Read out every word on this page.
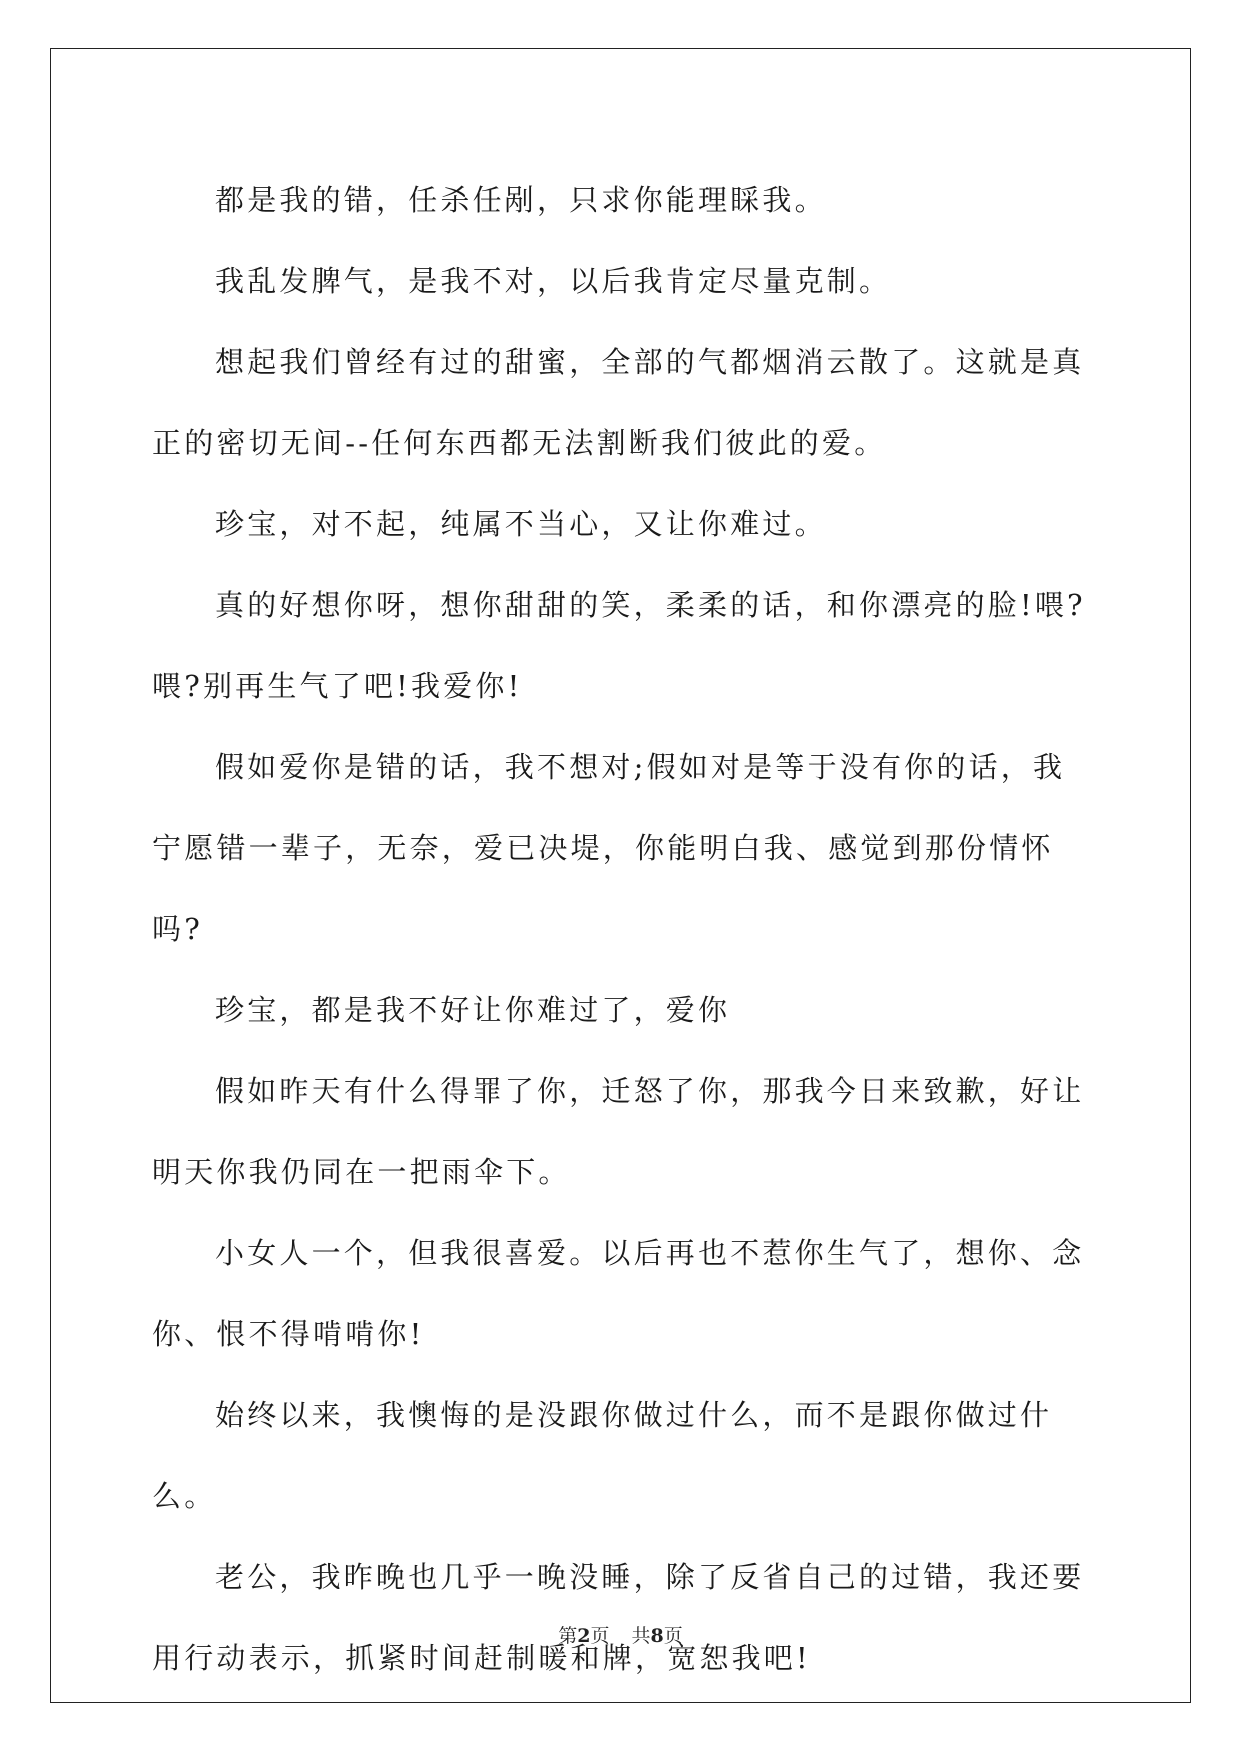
都是我的错，任杀任剐，只求你能理睬我。

我乱发脾气，是我不对，以后我肯定尽量克制。

想起我们曾经有过的甜蜜，全部的气都烟消云散了。这就是真正的密切无间--任何东西都无法割断我们彼此的爱。

珍宝，对不起，纯属不当心，又让你难过。

真的好想你呀，想你甜甜的笑，柔柔的话，和你漂亮的脸!喂?喂?别再生气了吧!我爱你!

假如爱你是错的话，我不想对;假如对是等于没有你的话，我宁愿错一辈子，无奈，爱已决堤，你能明白我、感觉到那份情怀吗?

珍宝，都是我不好让你难过了，爱你

假如昨天有什么得罪了你，迁怒了你，那我今日来致歉，好让明天你我仍同在一把雨伞下。

小女人一个，但我很喜爱。以后再也不惹你生气了，想你、念你、恨不得啃啃你!

始终以来，我懊悔的是没跟你做过什么，而不是跟你做过什么。

老公，我昨晚也几乎一晚没睡，除了反省自己的过错，我还要用行动表示，抓紧时间赶制暖和牌，宽恕我吧!

第2页 共8页
